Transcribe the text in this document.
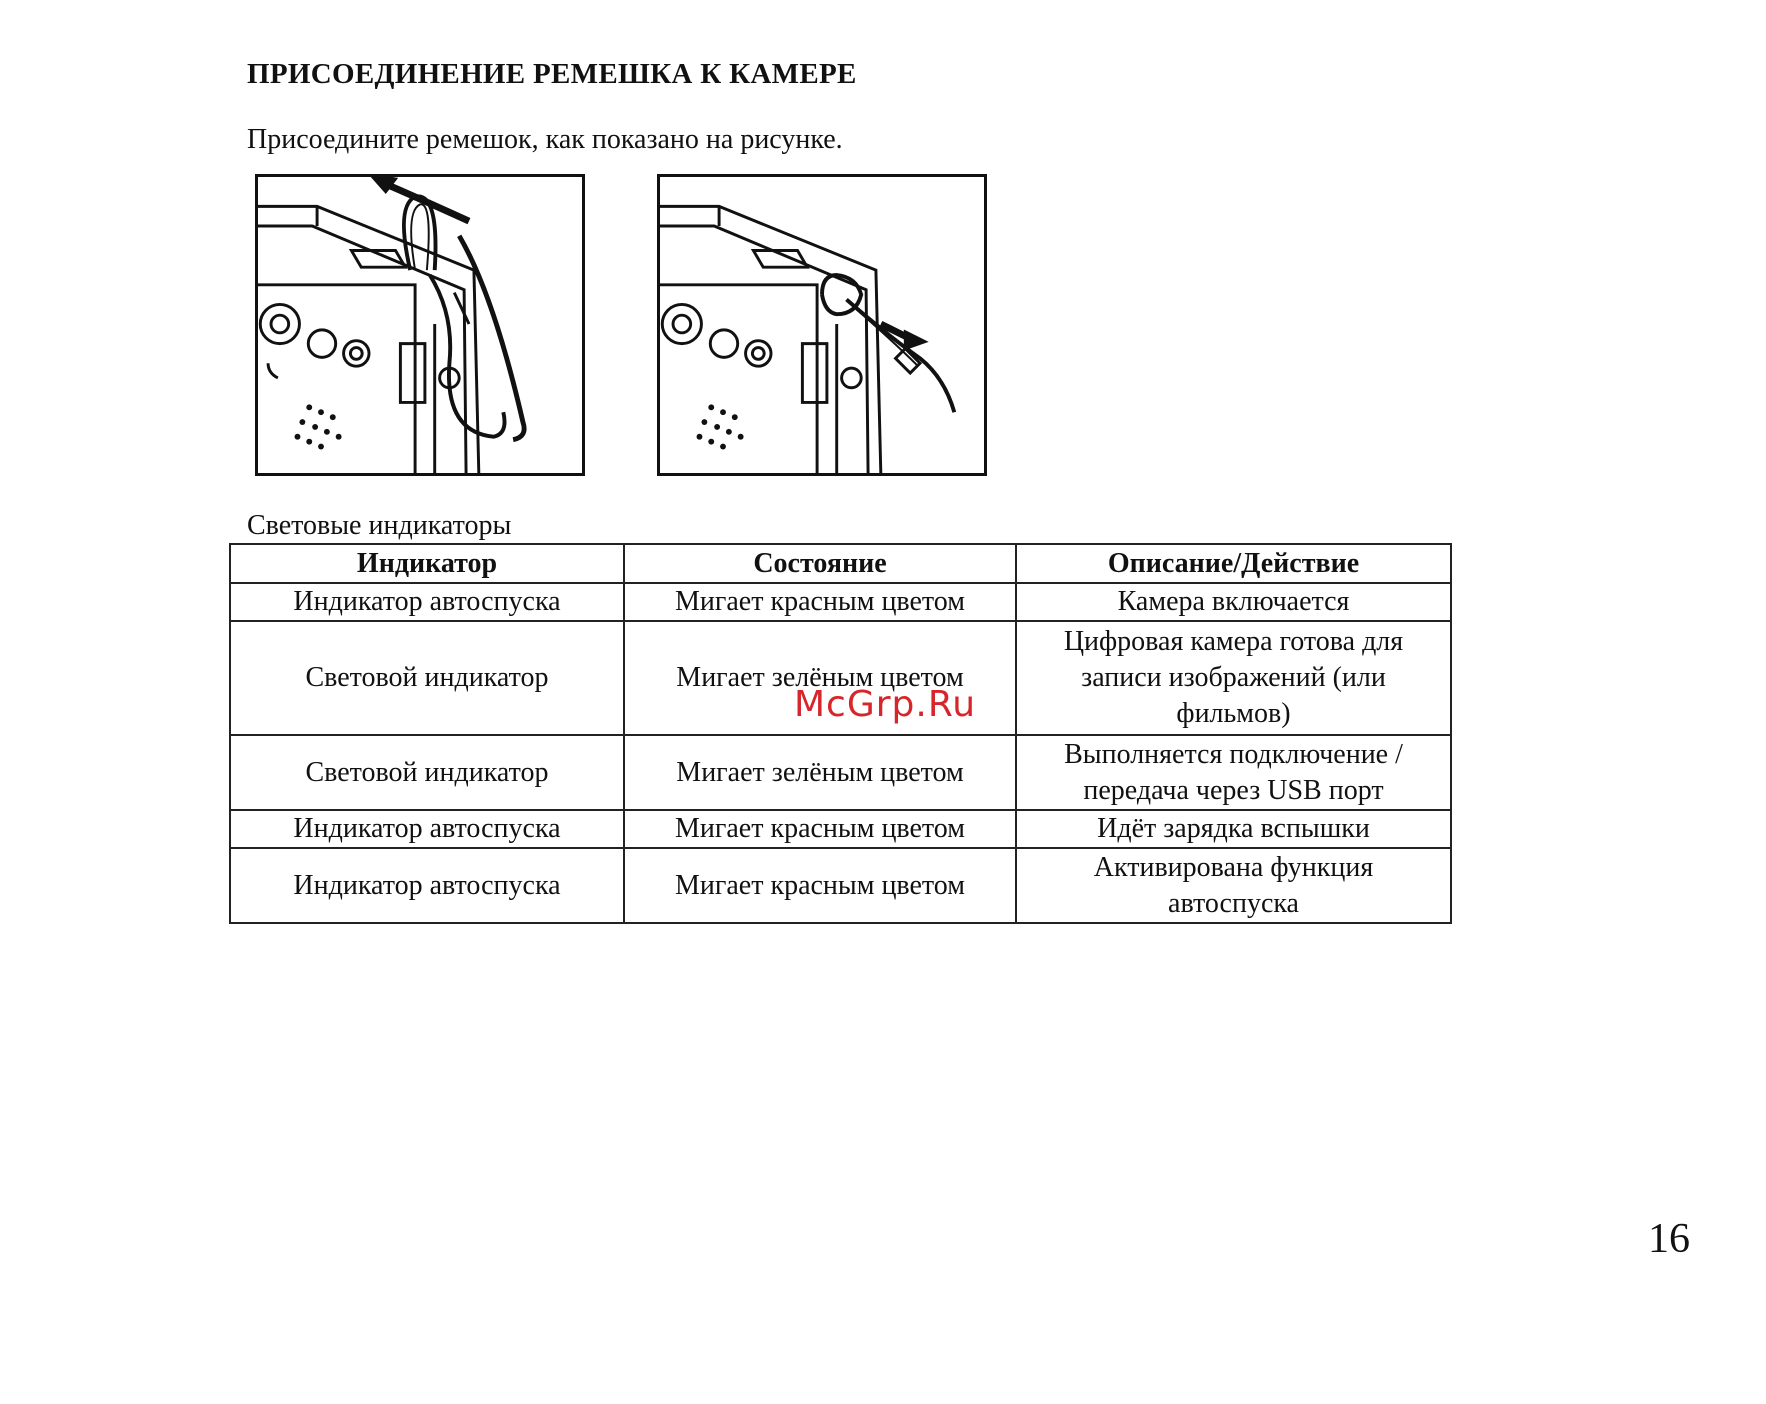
ПРИСОЕДИНЕНИЕ РЕМЕШКА К КАМЕРЕ

Присоедините ремешок, как показано на рисунке.

Световые индикаторы

Индикатор	Состояние	Описание/Действие
Индикатор автоспуска	Мигает красным цветом	Камера включается
Световой индикатор	Мигает зелёным цветом	Цифровая камера готова для записи изображений (или фильмов)
Световой индикатор	Мигает зелёным цветом	Выполняется подключение / передача через USB порт
Индикатор автоспуска	Мигает красным цветом	Идёт зарядка вспышки
Индикатор автоспуска	Мигает красным цветом	Активирована функция автоспуска
McGrp.Ru
16
